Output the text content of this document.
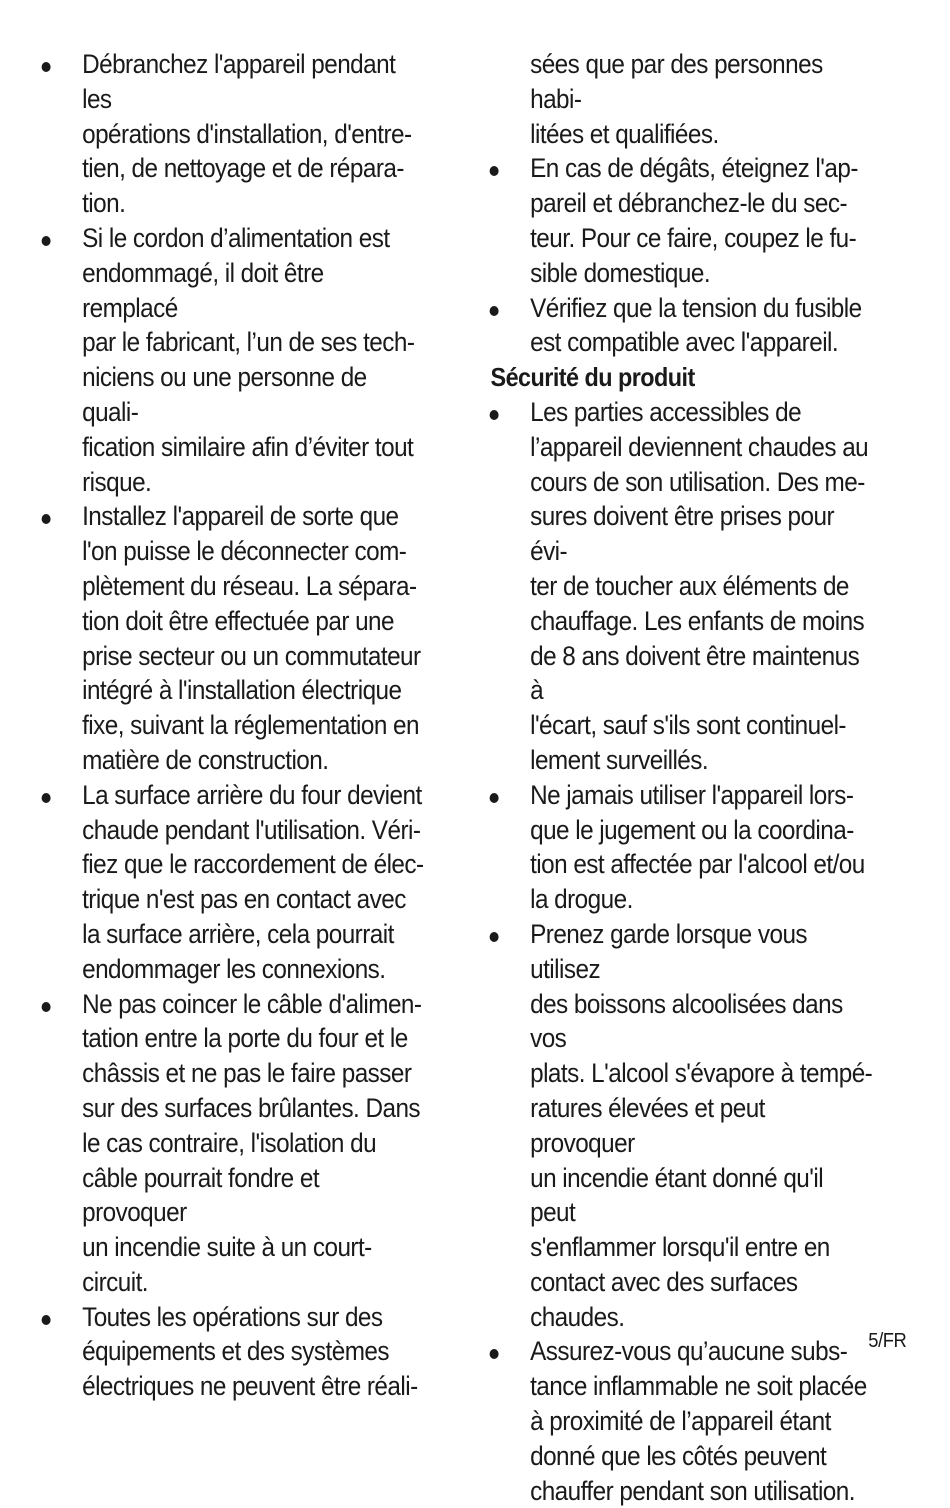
Débranchez l'appareil pendant les
opérations d'installation, d'entre-
tien, de nettoyage et de répara-
tion.
Si le cordon d’alimentation est
endommagé, il doit être remplacé
par le fabricant, l’un de ses tech-
niciens ou une personne de quali-
fication similaire afin d’éviter tout
risque.
Installez l'appareil de sorte que
l'on puisse le déconnecter com-
plètement du réseau. La sépara-
tion doit être effectuée par une
prise secteur ou un commutateur
intégré à l'installation électrique
fixe, suivant la réglementation en
matière de construction.
La surface arrière du four devient
chaude pendant l'utilisation. Véri-
fiez que le raccordement de élec-
trique n'est pas en contact avec
la surface arrière, cela pourrait
endommager les connexions.
Ne pas coincer le câble d'alimen-
tation entre la porte du four et le
châssis et ne pas le faire passer
sur des surfaces brûlantes. Dans
le cas contraire, l'isolation du
câble pourrait fondre et provoquer
un incendie suite à un court-
circuit.
Toutes les opérations sur des
équipements et des systèmes
électriques ne peuvent être réali-
sées que par des personnes habi-
litées et qualifiées.
En cas de dégâts, éteignez l'ap-
pareil et débranchez-le du sec-
teur. Pour ce faire, coupez le fu-
sible domestique.
Vérifiez que la tension du fusible
est compatible avec l'appareil.
Sécurité du produit
Les parties accessibles de
l’appareil deviennent chaudes au
cours de son utilisation. Des me-
sures doivent être prises pour évi-
ter de toucher aux éléments de
chauffage. Les enfants de moins
de 8 ans doivent être maintenus à
l'écart, sauf s'ils sont continuel-
lement surveillés.
Ne jamais utiliser l'appareil lors-
que le jugement ou la coordina-
tion est affectée par l'alcool et/ou
la drogue.
Prenez garde lorsque vous utilisez
des boissons alcoolisées dans vos
plats. L'alcool s'évapore à tempé-
ratures élevées et peut provoquer
un incendie étant donné qu'il peut
s'enflammer lorsqu'il entre en
contact avec des surfaces
chaudes.
Assurez-vous qu’aucune subs-
tance inflammable ne soit placée
à proximité de l’appareil étant
donné que les côtés peuvent
chauffer pendant son utilisation.
5/FR
